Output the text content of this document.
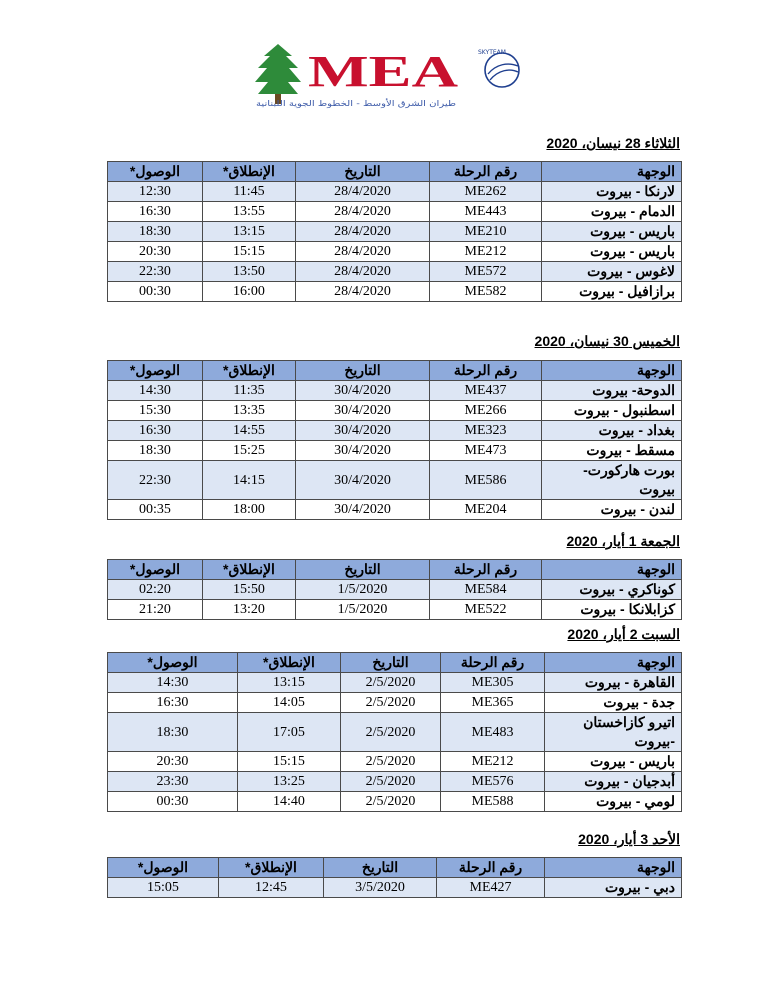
MEA
طيران الشرق الأوسط - الخطوط الجوية اللبنانية
SKYTEAM
الثلاثاء 28 نيسان، 2020
الوجهة	رقم الرحلة	التاريخ	الإنطلاق*	الوصول*
لارنكا - بيروت	ME262	28/4/2020	11:45	12:30
الدمام - بيروت	ME443	28/4/2020	13:55	16:30
باريس - بيروت	ME210	28/4/2020	13:15	18:30
باريس - بيروت	ME212	28/4/2020	15:15	20:30
لاغوس - بيروت	ME572	28/4/2020	13:50	22:30
برازافيل - بيروت	ME582	28/4/2020	16:00	00:30
الخميس 30 نيسان، 2020
الوجهة	رقم الرحلة	التاريخ	الإنطلاق*	الوصول*
الدوحة- بيروت	ME437	30/4/2020	11:35	14:30
اسطنبول - بيروت	ME266	30/4/2020	13:35	15:30
بغداد - بيروت	ME323	30/4/2020	14:55	16:30
مسقط - بيروت	ME473	30/4/2020	15:25	18:30
بورت هاركورت-بيروت	ME586	30/4/2020	14:15	22:30
لندن - بيروت	ME204	30/4/2020	18:00	00:35
الجمعة 1 أيار، 2020
الوجهة	رقم الرحلة	التاريخ	الإنطلاق*	الوصول*
كوناكري - بيروت	ME584	1/5/2020	15:50	02:20
كزابلانكا - بيروت	ME522	1/5/2020	13:20	21:20
السبت 2 أيار، 2020
الوجهة	رقم الرحلة	التاريخ	الإنطلاق*	الوصول*
القاهرة - بيروت	ME305	2/5/2020	13:15	14:30
جدة - بيروت	ME365	2/5/2020	14:05	16:30
اتيرو كازاخستان -بيروت	ME483	2/5/2020	17:05	18:30
باريس - بيروت	ME212	2/5/2020	15:15	20:30
أبدجيان - بيروت	ME576	2/5/2020	13:25	23:30
لومي - بيروت	ME588	2/5/2020	14:40	00:30
الأحد 3 أيار، 2020
الوجهة	رقم الرحلة	التاريخ	الإنطلاق*	الوصول*
دبي - بيروت	ME427	3/5/2020	12:45	15:05
